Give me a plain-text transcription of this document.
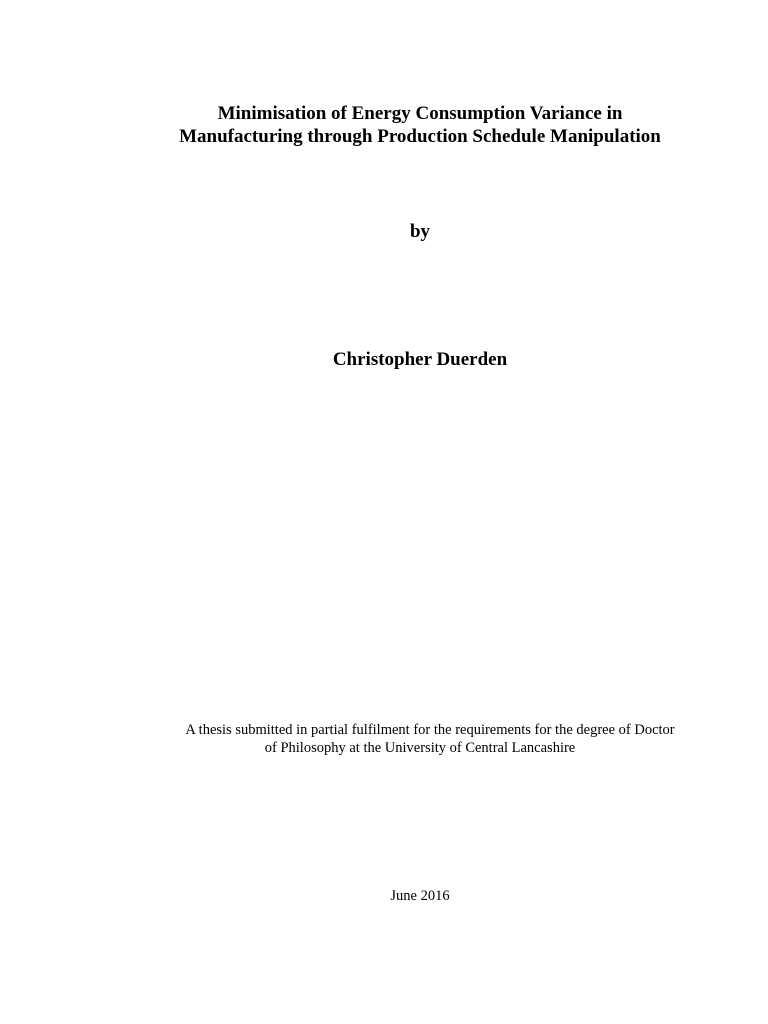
Minimisation of Energy Consumption Variance in
Manufacturing through Production Schedule Manipulation
by
Christopher Duerden
A thesis submitted in partial fulfilment for the requirements for the degree of Doctor
of Philosophy at the University of Central Lancashire
June 2016
